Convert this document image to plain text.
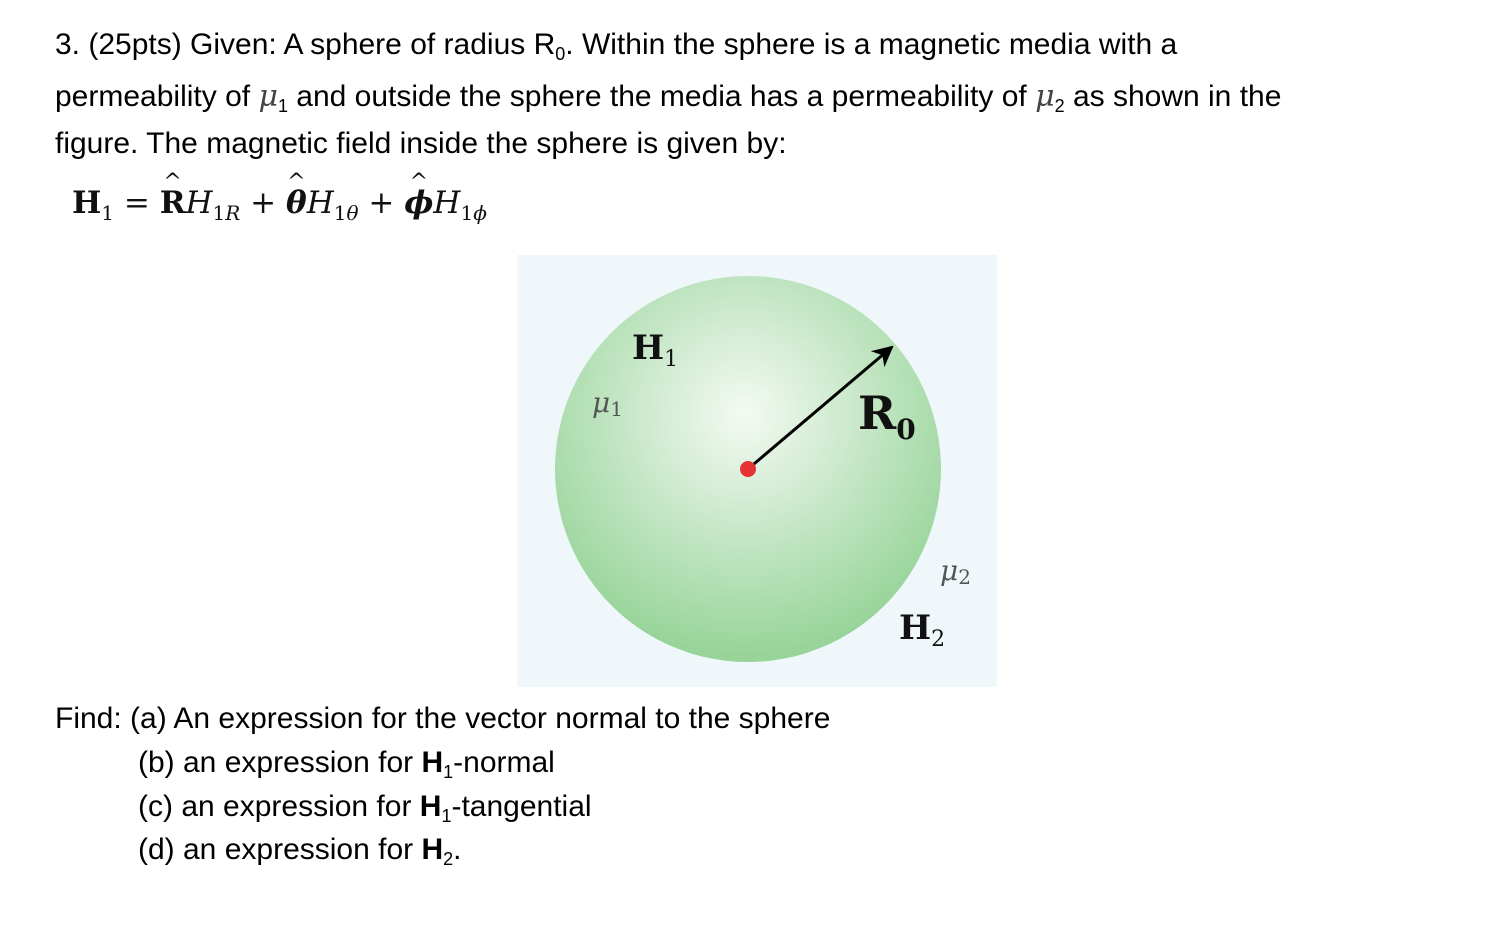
3. (25pts) Given: A sphere of radius $R_0$. Within the sphere is a magnetic media with a
permeability of $\mu_1$ and outside the sphere the media has a permeability of $\mu_2$ as shown in the
figure. The magnetic field inside the sphere is given by:
$H_1 = R$ $\^{}H_{1R} + \theta$ $\^{}H_{1\theta} + \phi$ $\^{}H_{1\phi}$
$H_1$
μ1	$R_0$
μ2
$H_2$
Find: (a) An expression for the vector normal to the sphere
(b) an expression for $H_1$-normal
(c) an expression for $H_1$-tangential
(d) an expression for $H_2$.
